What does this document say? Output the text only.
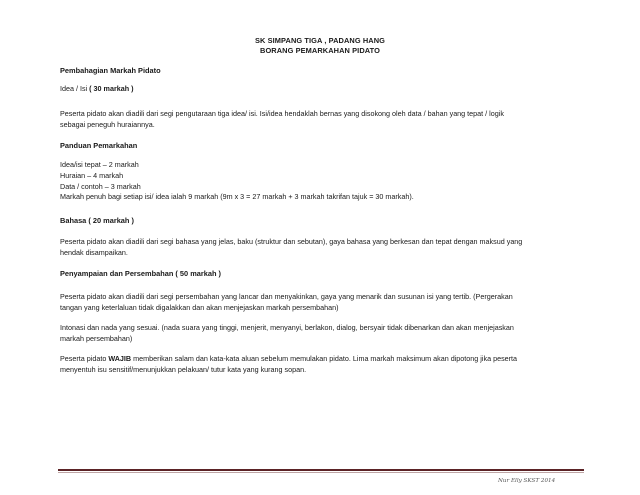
SK SIMPANG TIGA , PADANG HANG
BORANG PEMARKAHAN PIDATO
Pembahagian Markah Pidato
Idea / Isi ( 30 markah )
Peserta pidato akan diadili dari segi pengutaraan tiga idea/ isi. Isi/idea hendaklah bernas yang disokong oleh data / bahan yang tepat / logik
sebagai peneguh huraiannya.
Panduan Pemarkahan
Idea/isi tepat – 2 markah
Huraian – 4 markah
Data / contoh – 3 markah
Markah penuh bagi setiap isi/ idea ialah 9 markah (9m x 3 = 27 markah + 3 markah takrifan tajuk = 30 markah).
Bahasa ( 20 markah )
Peserta pidato akan diadili dari segi bahasa yang jelas, baku (struktur dan sebutan), gaya bahasa yang berkesan dan tepat dengan maksud yang
hendak disampaikan.
Penyampaian dan Persembahan ( 50 markah )
Peserta pidato akan diadili dari segi persembahan yang lancar dan menyakinkan, gaya yang menarik dan susunan isi yang tertib. (Pergerakan
tangan yang keterlaluan tidak digalakkan dan akan menjejaskan markah persembahan)
Intonasi dan nada yang sesuai. (nada suara yang tinggi, menjerit, menyanyi, berlakon, dialog, bersyair tidak dibenarkan dan akan menjejaskan
markah persembahan)
Peserta pidato WAJIB memberikan salam dan kata-kata aluan sebelum memulakan pidato. Lima markah maksimum akan dipotong jika peserta
menyentuh isu sensitif/menunjukkan pelakuan/ tutur kata yang kurang sopan.
Nur Elly SKST 2014
